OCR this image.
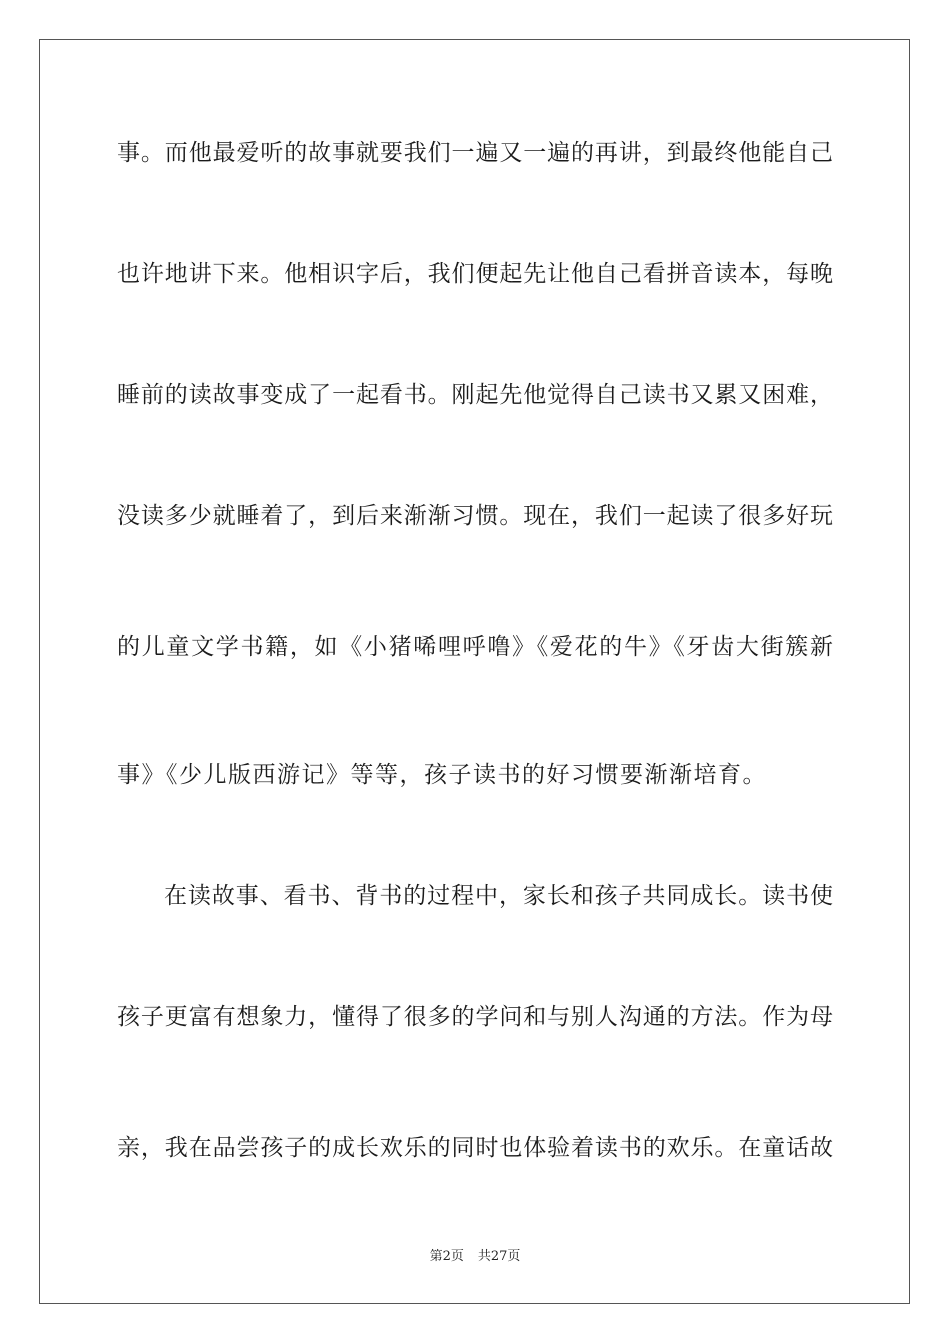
事。而他最爱听的故事就要我们一遍又一遍的再讲，到最终他能自己
也许地讲下来。他相识字后，我们便起先让他自己看拼音读本，每晚
睡前的读故事变成了一起看书。刚起先他觉得自己读书又累又困难，
没读多少就睡着了，到后来渐渐习惯。现在，我们一起读了很多好玩
的儿童文学书籍，如《小猪唏哩呼噜》《爱花的牛》《牙齿大街簇新
事》《少儿版西游记》等等，孩子读书的好习惯要渐渐培育。
在读故事、看书、背书的过程中，家长和孩子共同成长。读书使
孩子更富有想象力，懂得了很多的学问和与别人沟通的方法。作为母
亲，我在品尝孩子的成长欢乐的同时也体验着读书的欢乐。在童话故
第2页 共27页
